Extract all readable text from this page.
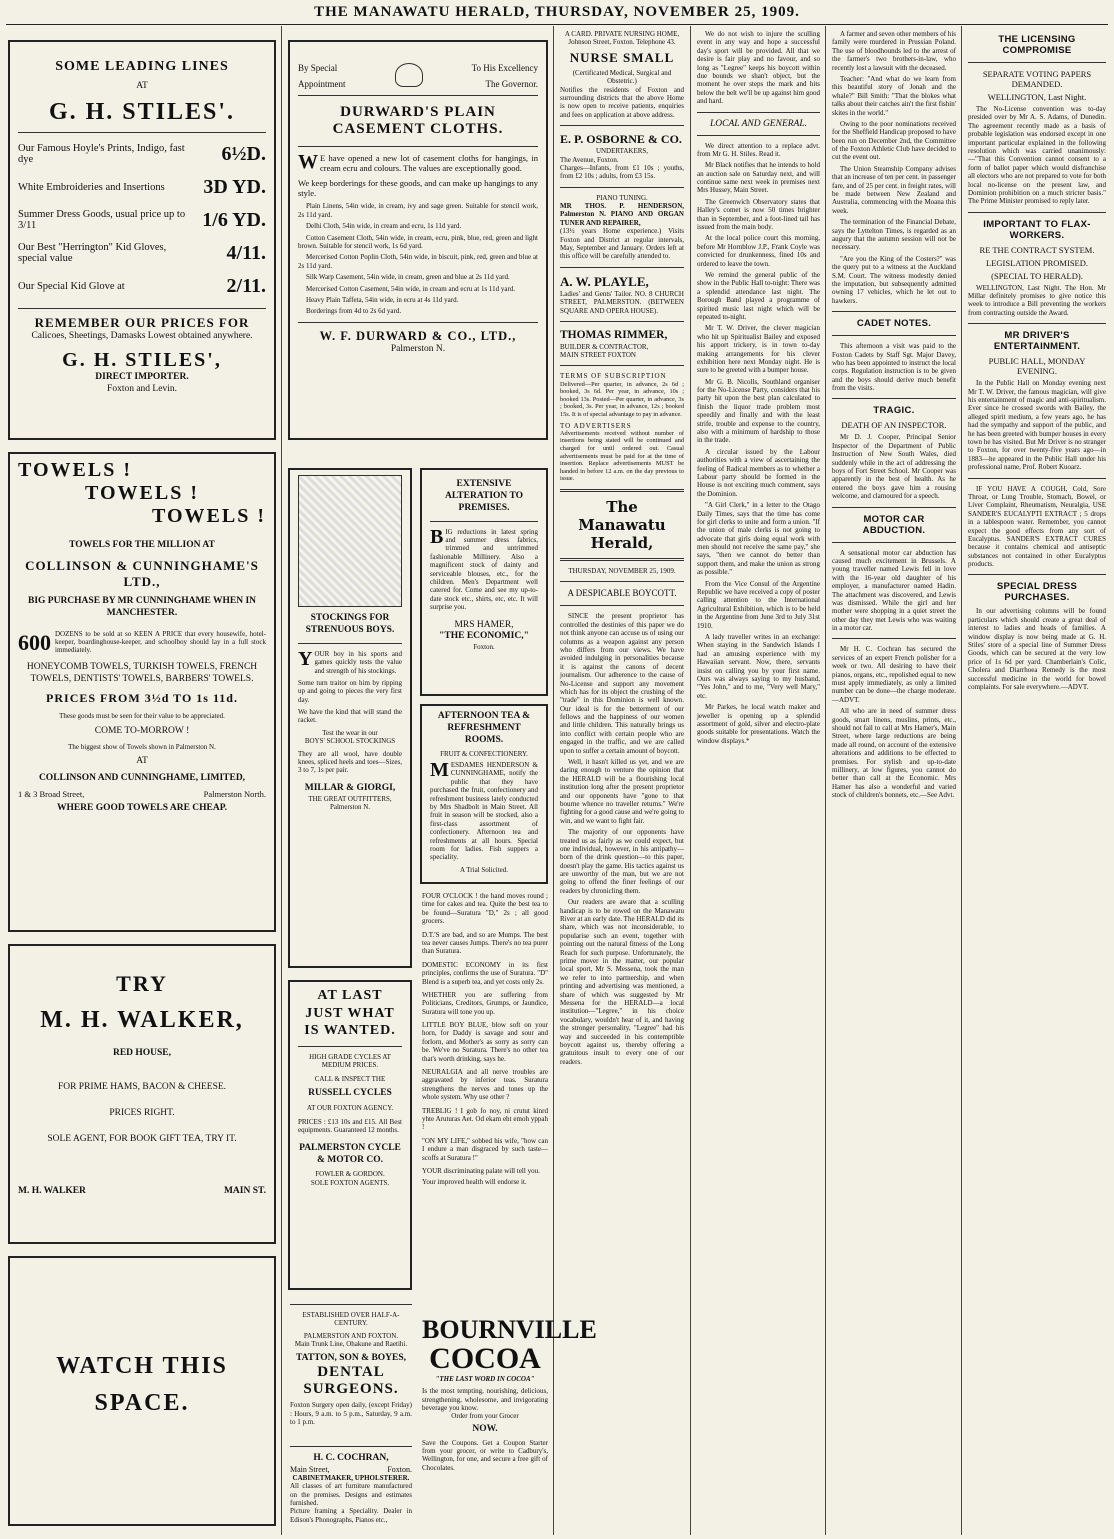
THE MANAWATU HERALD, THURSDAY, NOVEMBER 25, 1909.
SOME LEADING LINES
AT
G. H. STILES'.
Our Famous Hoyle's Prints, Indigo, fast dye	6½D.
White Embroideries and Insertions	3D YD.
Summer Dress Goods, usual price up to 3/11	1/6 YD.
Our Best "Herrington" Kid Gloves, special value	4/11.
Our Special Kid Glove at	2/11.
REMEMBER OUR PRICES FOR
Calicoes, Sheetings, Damasks Lowest obtained anywhere.
G. H. STILES',
DIRECT IMPORTER.
Foxton and Levin.
By Special
Appointment
To His Excellency
The Governor.
DURWARD'S PLAIN CASEMENT CLOTHS.
WE have opened a new lot of casement cloths for hangings, in cream ecru and colours. The values are exceptionally good.
We keep borderings for these goods, and can make up hangings to any style.
Plain Linens, 54in wide, in cream, ivy and sage green. Suitable for stencil work, 2s 11d yard.
Delhi Cloth, 54in wide, in cream and ecru, 1s 11d yard.
Cotton Casement Cloth, 54in wide, in cream, ecru, pink, blue, red, green and light brown. Suitable for stencil work, 1s 6d yard.
Mercerised Cotton Poplin Cloth, 54in wide, in biscuit, pink, red, green and blue at 2s 11d yard.
Silk Warp Casement, 54in wide, in cream, green and blue at 2s 11d yard.
Mercerised Cotton Casement, 54in wide, in cream and ecru at 1s 11d yard.
Heavy Plain Taffeta, 54in wide, in ecru at 4s 11d yard.
Borderings from 4d to 2s 6d yard.
W. F. DURWARD & CO., LTD.,
Palmerston N.
TOWELS !
TOWELS !
TOWELS !
TOWELS FOR THE MILLION AT
COLLINSON & CUNNINGHAME'S LTD.,
BIG PURCHASE BY MR CUNNINGHAME WHEN IN MANCHESTER.
600 DOZENS to be sold at so KEEN A PRICE that every housewife, hotel-keeper, boardinghouse-keeper, and schoolboy should lay in a full stock immediately.
HONEYCOMB TOWELS, TURKISH TOWELS, FRENCH TOWELS, DENTISTS' TOWELS, BARBERS' TOWELS.
PRICES FROM 3½d TO 1s 11d.
These goods must be seen for their value to be appreciated.
COME TO-MORROW !
The biggest show of Towels shown in Palmerston N.
AT
COLLINSON AND CUNNINGHAME, LIMITED,
1 & 3 Broad Street,	Palmerston North.
WHERE GOOD TOWELS ARE CHEAP.
TRY
M. H. WALKER,
RED HOUSE,
FOR PRIME HAMS, BACON & CHEESE.
PRICES RIGHT.
SOLE AGENT, FOR BOOK GIFT TEA, TRY IT.
M. H. WALKER	MAIN ST.
WATCH THIS
SPACE.
STOCKINGS FOR STRENUOUS BOYS.
YOUR boy in his sports and games quickly tests the value and strength of his stockings.
Some turn traitor on him by ripping up and going to pieces the very first day.
We have the kind that will stand the racket.
Test the wear in our
BOYS' SCHOOL STOCKINGS
They are all wool, have double knees, spliced heels and toes—Sizes, 3 to 7, 1s per pair.
MILLAR & GIORGI,
THE GREAT OUTFITTERS,
Palmerston N.
AT LAST JUST WHAT IS WANTED.
HIGH GRADE CYCLES AT MEDIUM PRICES.
CALL & INSPECT THE
RUSSELL CYCLES
AT OUR FOXTON AGENCY.
PRICES : £13 10s and £15. All Best equipments. Guaranteed 12 months.
PALMERSTON CYCLE & MOTOR CO.
FOWLER & GORDON.
SOLE FOXTON AGENTS.
ESTABLISHED OVER HALF-A-CENTURY.
PALMERSTON AND FOXTON.
Main Trunk Line, Ohakune and Raetihi.
TATTON, SON & BOYES,
DENTAL SURGEONS.
Foxton Surgery open daily, (except Friday) : Hours, 9 a.m. to 5 p.m., Saturday, 9 a.m. to 1 p.m.
H. C. COCHRAN,
Main Street,	Foxton.
CABINETMAKER, UPHOLSTERER.
All classes of art furniture manufactured on the premises. Designs and estimates furnished.
Picture framing a Speciality. Dealer in Edison's Phonographs, Pianos etc.,
EXTENSIVE ALTERATION TO PREMISES.
BIG reductions in latest spring and summer dress fabrics, trimmed and untrimmed fashionable Millinery. Also a magnificent stock of dainty and serviceable blouses, etc., for the children. Men's Department well catered for. Come and see my up-to-date stock etc., shirts, etc, etc. It will surprise you.
MRS HAMER,
"THE ECONOMIC,"
Foxton.
AFTERNOON TEA & REFRESHMENT ROOMS.
FRUIT & CONFECTIONERY.
MESDAMES HENDERSON & CUNNINGHAME, notify the public that they have purchased the fruit, confectionery and refreshment business lately conducted by Mrs Shadbolt in Main Street. All fruit in season will be stocked, also a first-class assortment of confectionery. Afternoon tea and refreshments at all hours. Special room for ladies. Fish suppers a speciality.
A Trial Solicited.
FOUR O'CLOCK ! the hand moves round ; time for cakes and tea. Quite the best tea to be found—Suratura "D," 2s ; all good grocers.
D.T.'S are bad, and so are Mumps. The best tea never causes Jumps. There's no tea purer than Suratura.
DOMESTIC ECONOMY in its first principles, confirms the use of Suratura. "D" Blend is a superb tea, and yet costs only 2s.
WHETHER you are suffering from Politicians, Creditors, Grumps, or Jaundice, Suratura will tone you up.
LITTLE BOY BLUE, blow soft on your horn, for Daddy is savage and sour and forlorn, and Mother's as sorry as sorry can be. We've no Suratura. There's no other tea that's worth drinking, says he.
NEURALGIA and all nerve troubles are aggravated by inferior teas. Suratura strengthens the nerves and tones up the whole system. Why use other ?
TREBLIG ! I gob fo noy, ni crutut kinrd yhte Aruturas Aet. Od ekam eht emoh yppah !
"ON MY LIFE," sobbed his wife, "how can I endure a man disgraced by such taste—scoffs at Suratura !"
YOUR discriminating palate will tell you.
Your improved health will endorse it.
BOURNVILLE
COCOA
"THE LAST WORD IN COCOA"
Is the most tempting, nourishing, delicious, strengthening, wholesome, and invigorating beverage you know.
Order from your Grocer
NOW.
Save the Coupons. Get a Coupon Starter from your grocer, or write to Cadbury's, Wellington, for one, and secure a free gift of Chocolates.
A CARD. PRIVATE NURSING HOME, Johnson Street, Foxton. Telephone 43.
NURSE SMALL
(Certificated Medical, Surgical and Obstetric.)
Notifies the residents of Foxton and surrounding districts that the above Home is now open to receive patients, enquiries and fees on application at above address.
E. P. OSBORNE & CO.
UNDERTAKERS,
The Avenue, Foxton.
Charges—Infants, from £1 10s ; youths, from £2 10s ; adults, from £3 15s.
PIANO TUNING.
MR THOS. P. HENDERSON, Palmerston N. PIANO AND ORGAN TUNER AND REPAIRER,
(13½ years Home experience.) Visits Foxton and District at regular intervals, May, September and January. Orders left at this office will be carefully attended to.
A. W. PLAYLE,
Ladies' and Gents' Tailor. NO. 8 CHURCH STREET, PALMERSTON. (BETWEEN SQUARE AND OPERA HOUSE).
THOMAS RIMMER,
BUILDER & CONTRACTOR,
MAIN STREET FOXTON
TERMS OF SUBSCRIPTION
Delivered—Per quarter, in advance, 2s 6d ; booked, 3s 6d. Per year, in advance, 10s ; booked 13s. Posted—Per quarter, in advance, 3s ; booked, 3s. Per year, in advance, 12s ; booked 15s. It is of special advantage to pay in advance.
TO ADVERTISERS
Advertisements received without number of insertions being stated will be continued and charged for until ordered out. Casual advertisements must be paid for at the time of insertion. Replace advertisements MUST be handed in before 12 a.m. on the day previous to issue.
The Manawatu Herald,
THURSDAY, NOVEMBER 25, 1909.
A DESPICABLE BOYCOTT.
SINCE the present proprietor has controlled the destinies of this paper we do not think anyone can accuse us of using our columns as a weapon against any person who differs from our views. We have avoided indulging in personalities because it is against the canons of decent journalism. Our adherence to the cause of No-License and support any movement which has for its object the crushing of the "trade" in this Dominion is well known. Our ideal is for the betterment of our fellows and the happiness of our women and little children. This naturally brings us into conflict with certain people who are engaged in the traffic, and we are called upon to suffer a certain amount of boycott.
Well, it hasn't killed us yet, and we are daring enough to venture the opinion that the HERALD will be a flourishing local institution long after the present proprietor and our opponents have "gone to that bourne whence no traveller returns." We're fighting for a good cause and we're going to win, and we want to fight fair.
The majority of our opponents have treated us as fairly as we could expect, but one individual, however, in his antipathy—born of the drink question—to this paper, doesn't play the game. His tactics against us are unworthy of the man, but we are not going to offend the finer feelings of our readers by chronicling them.
Our readers are aware that a sculling handicap is to be rowed on the Manawatu River at an early date. The HERALD did its share, which was not inconsiderable, to popularise such an event, together with pointing out the natural fitness of the Long Reach for such purpose. Unfortunately, the prime mover in the matter, our popular local sport, Mr S. Messena, took the man we refer to into partnership, and when printing and advertising was mentioned, a share of which was suggested by Mr Messena for the HERALD—a local institution—"Legree," in his choice vocabulary, wouldn't hear of it, and having the stronger personality, "Legree" had his way and succeeded in his contemptible boycott against us, thereby offering a gratuitous insult to every one of our readers.
We do not wish to injure the sculling event in any way and hope a successful day's sport will be provided. All that we desire is fair play and no favour, and so long as "Legree" keeps his boycott within due bounds we shan't object, but the moment he over steps the mark and hits below the belt we'll be up against him good and hard.
LOCAL AND GENERAL.
We direct attention to a replace advt. from Mr G. H. Stiles. Read it.
Mr Black notifies that he intends to hold an auction sale on Saturday next, and will continue same next week in premises next Mrs Hussey, Main Street.
The Greenwich Observatory states that Halley's comet is now 50 times brighter than in September, and a foot-lined tail has issued from the main body.
At the local police court this morning, before Mr Hornblow J.P., Frank Coyle was convicted for drunkenness, fined 10s and ordered to leave the town.
We remind the general public of the show in the Public Hall to-night: There was a splendid attendance last night. The Borough Band played a programme of spirited music last night which will be repeated to-night.
Mr T. W. Driver, the clever magician who hit up Spiritualist Bailey and exposed his apport trickery, is in town to-day making arrangements for his clever exhibition here next Monday night. He is sure to be greeted with a bumper house.
Mr G. B. Nicolls, Southland organiser for the No-License Party, considers that his party hit upon the best plan calculated to finish the liquor trade problem most speedily and finally and with the least strife, trouble and expense to the country, also with a minimum of hardship to those in the trade.
A circular issued by the Labour authorities with a view of ascertaining the feeling of Radical members as to whether a Labour party should be formed in the House is not exciting much comment, says the Dominion.
"A Girl Clerk," in a letter to the Otago Daily Times, says that the time has come for girl clerks to unite and form a union. "If the union of male clerks is not going to advocate that girls doing equal work with men should not receive the same pay," she says, "then we cannot do better than support them, and make the union as strong as possible."
From the Vice Consul of the Argentine Republic we have received a copy of poster calling attention to the International Agricultural Exhibition, which is to be held in the Argentine from June 3rd to July 31st 1910.
A lady traveller writes in an exchange: When staying in the Sandwich Islands I had an amusing experience with my Hawaiian servant. Now, there, servants insist on calling you by your first name. Ours was always saying to my husband, "Yes John," and to me, "Very well Mary," etc.
Mr Parkes, he local watch maker and jeweller is opening up a splendid assortment of gold, silver and electro-plate goods suitable for presentations. Watch the window displays.*
A farmer and seven other members of his family were murdered in Prussian Poland. The use of bloodhounds led to the arrest of the farmer's two brothers-in-law, who recently lost a lawsuit with the deceased.
Teacher: "And what do we learn from this beautiful story of Jonah and the whale?" Bill Smith: "That the blokes what talks about their catches ain't the first fishin' skites in the world."
Owing to the poor nominations received for the Sheffield Handicap proposed to have been run on December 2nd, the Committee of the Foxton Athletic Club have decided to cut the event out.
The Union Steamship Company advises that an increase of ten per cent. in passenger fare, and of 25 per cent. in freight rates, will be made between New Zealand and Australia, commencing with the Moana this week.
The termination of the Financial Debate, says the Lyttelton Times, is regarded as an augury that the autumn session will not be necessary.
"Are you the King of the Costers?" was the query put to a witness at the Auckland S.M. Court. The witness modestly denied the imputation, but subsequently admitted owning 17 vehicles, which he let out to hawkers.
CADET NOTES.
This afternoon a visit was paid to the Foxton Cadets by Staff Sgt. Major Davey, who has been appointed to instruct the local corps. Regulation instruction is to be given and the boys should derive much benefit from the visits.
TRAGIC.
DEATH OF AN INSPECTOR.
Mr D. J. Cooper, Principal Senior Inspector of the Department of Public Instruction of New South Wales, died suddenly while in the act of addressing the boys of Fort Street School. Mr Cooper was apparently in the best of health. As he entered the boys gave him a rousing welcome, and clamoured for a speech.
MOTOR CAR ABDUCTION.
A sensational motor car abduction has caused much excitement in Brussels. A young traveller named Lewis fell in love with the 16-year old daughter of his employer, a manufacturer named Hadin. The attachment was discovered, and Lewis was dismissed. While the girl and her mother were shopping in a quiet street the other day they met Lewis who was waiting in a motor car.
Mr H. C. Cochran has secured the services of an expert French polisher for a week or two. All desiring to have their pianos, organs, etc., repolished equal to new must apply immediately, as only a limited number can be done—the charge moderate.—ADVT.
All who are in need of summer dress goods, smart linens, muslins, prints, etc., should not fail to call at Mrs Hamer's, Main Street, where large reductions are being made all round, on account of the extensive alterations and additions to be effected to premises. For stylish and up-to-date millinery, at low figures, you cannot do better than call at the Economic. Mrs Hamer has also a wonderful and varied stock of children's bonnets, etc.—See Advt.
THE LICENSING COMPROMISE
SEPARATE VOTING PAPERS DEMANDED.
WELLINGTON, Last Night.
The No-License convention was to-day presided over by Mr A. S. Adams, of Dunedin. The agreement recently made as a basis of probable legislation was endorsed except in one important particular explained in the following resolution which was carried unanimously:—"That this Convention cannot consent to a form of ballot paper which would disfranchise all electors who are not prepared to vote for both local no-license on the present law, and Dominion prohibition on a much stricter basis." The Prime Minister promised to reply later.
IMPORTANT TO FLAX-WORKERS.
RE THE CONTRACT SYSTEM.
LEGISLATION PROMISED.
(SPECIAL TO HERALD).
WELLINGTON, Last Night. The Hon. Mr Millar definitely promises to give notice this week to introduce a Bill preventing the workers from contracting outside the Award.
MR DRIVER'S ENTERTAINMENT.
PUBLIC HALL, MONDAY EVENING.
In the Public Hall on Monday evening next Mr T. W. Driver, the famous magician, will give his entertainment of magic and anti-spiritualism. Ever since he crossed swords with Bailey, the alleged spirit medium, a few years ago, he has had the sympathy and support of the public, and he has been greeted with bumper houses in every town he has visited. But Mr Driver is no stranger to Foxton, for over twenty-five years ago—in 1883—he appeared in the Public Hall under his professional name, Prof. Robert Kuoarz.
IF YOU HAVE A COUGH, Cold, Sore Throat, or Lung Trouble, Stomach, Bowel, or Liver Complaint, Rheumatism, Neuralgia, USE SANDER'S EUCALYPTI EXTRACT ; 5 drops in a tablespoon water. Remember, you cannot expect the good effects from any sort of Eucalyptus. SANDER'S EXTRACT CURES because it contains chemical and antiseptic substances not contained in other Eucalyptus products.
SPECIAL DRESS PURCHASES.
In our advertising columns will be found particulars which should create a great deal of interest to ladies and heads of families. A window display is now being made at G. H. Stiles' store of a special line of Summer Dress Goods, which can be secured at the very low price of 1s 6d per yard. Chamberlain's Colic, Cholera and Diarrhoea Remedy is the most successful medicine in the world for bowel complaints. For sale everywhere.—ADVT.
